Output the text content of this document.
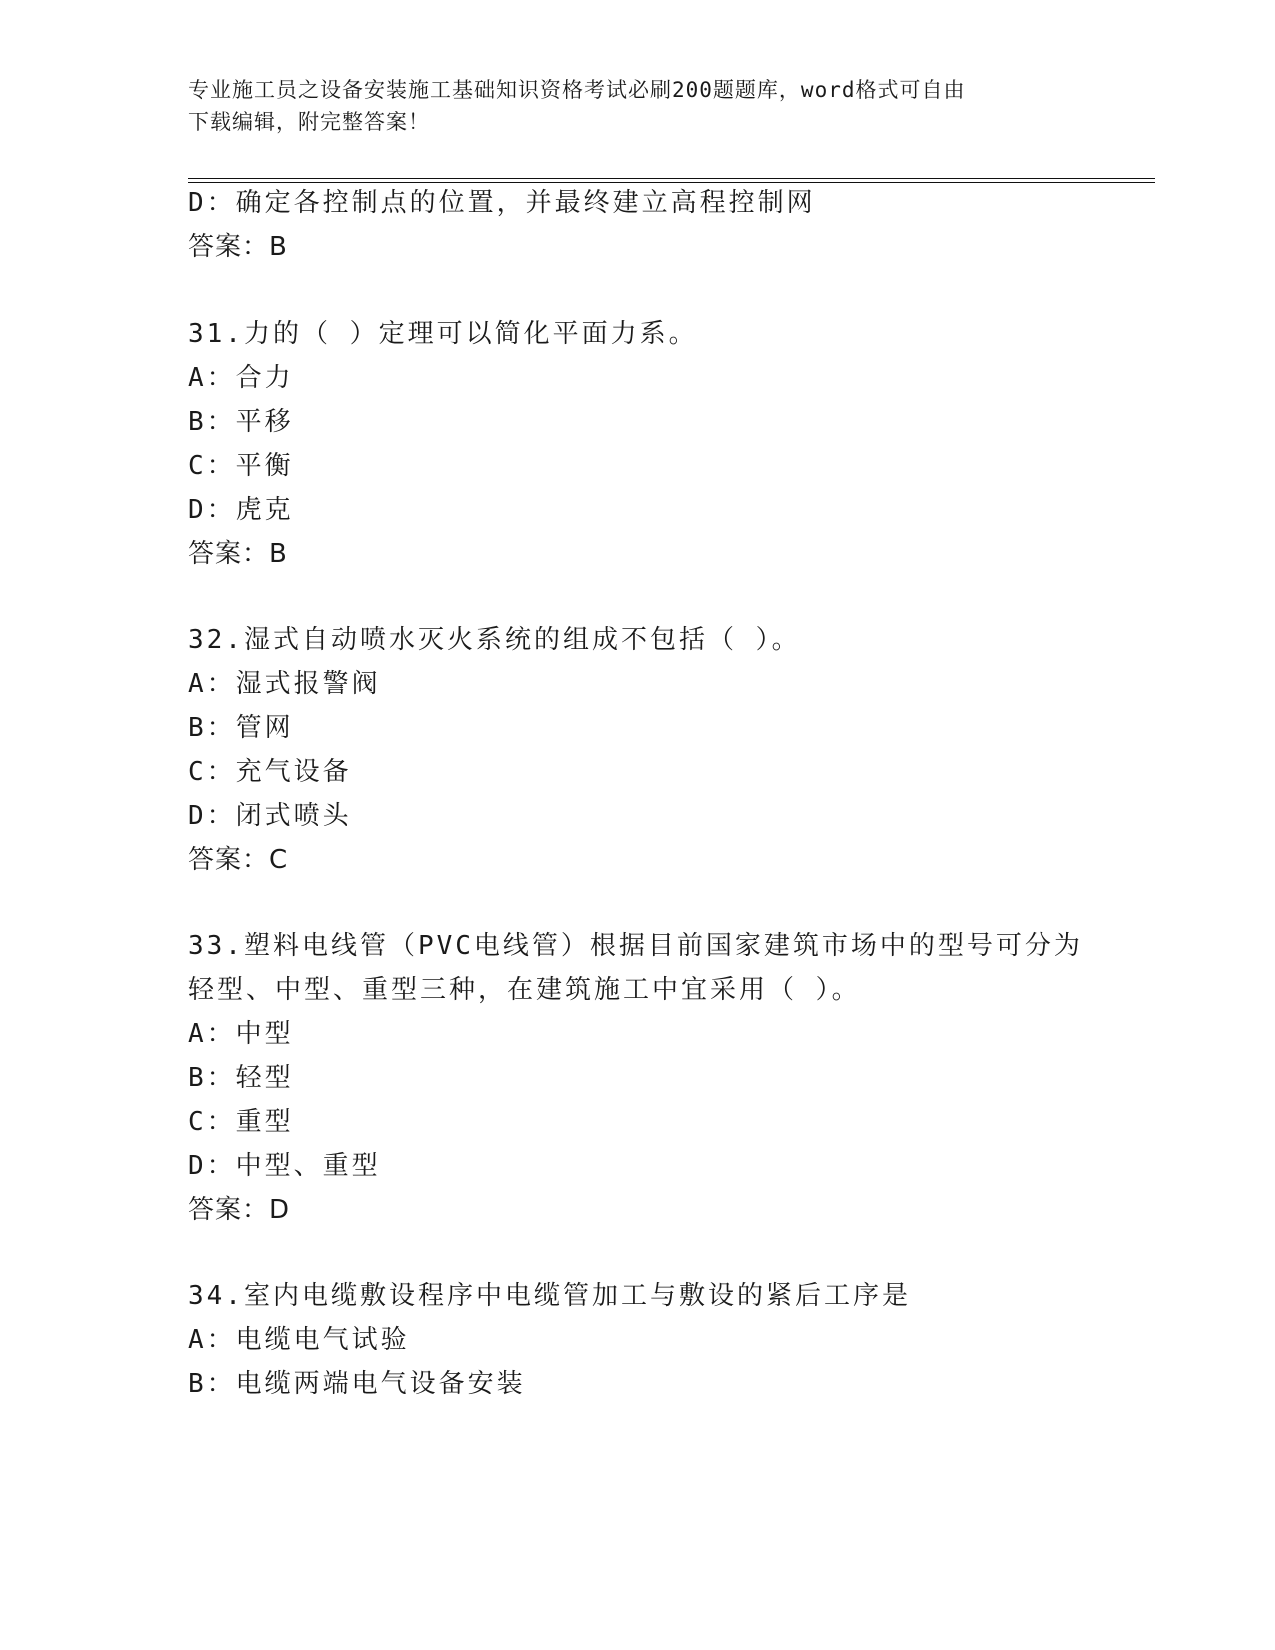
专业施工员之设备安装施工基础知识资格考试必刷200题题库，word格式可自由
下载编辑，附完整答案！
D：确定各控制点的位置，并最终建立高程控制网
答案：B
31.力的（ ）定理可以简化平面力系。
A：合力
B：平移
C：平衡
D：虎克
答案：B
32.湿式自动喷水灭火系统的组成不包括（ ）。
A：湿式报警阀
B：管网
C：充气设备
D：闭式喷头
答案：C
33.塑料电线管（PVC电线管）根据目前国家建筑市场中的型号可分为
轻型、中型、重型三种，在建筑施工中宜采用（ ）。
A：中型
B：轻型
C：重型
D：中型、重型
答案：D
34.室内电缆敷设程序中电缆管加工与敷设的紧后工序是
A：电缆电气试验
B：电缆两端电气设备安装
